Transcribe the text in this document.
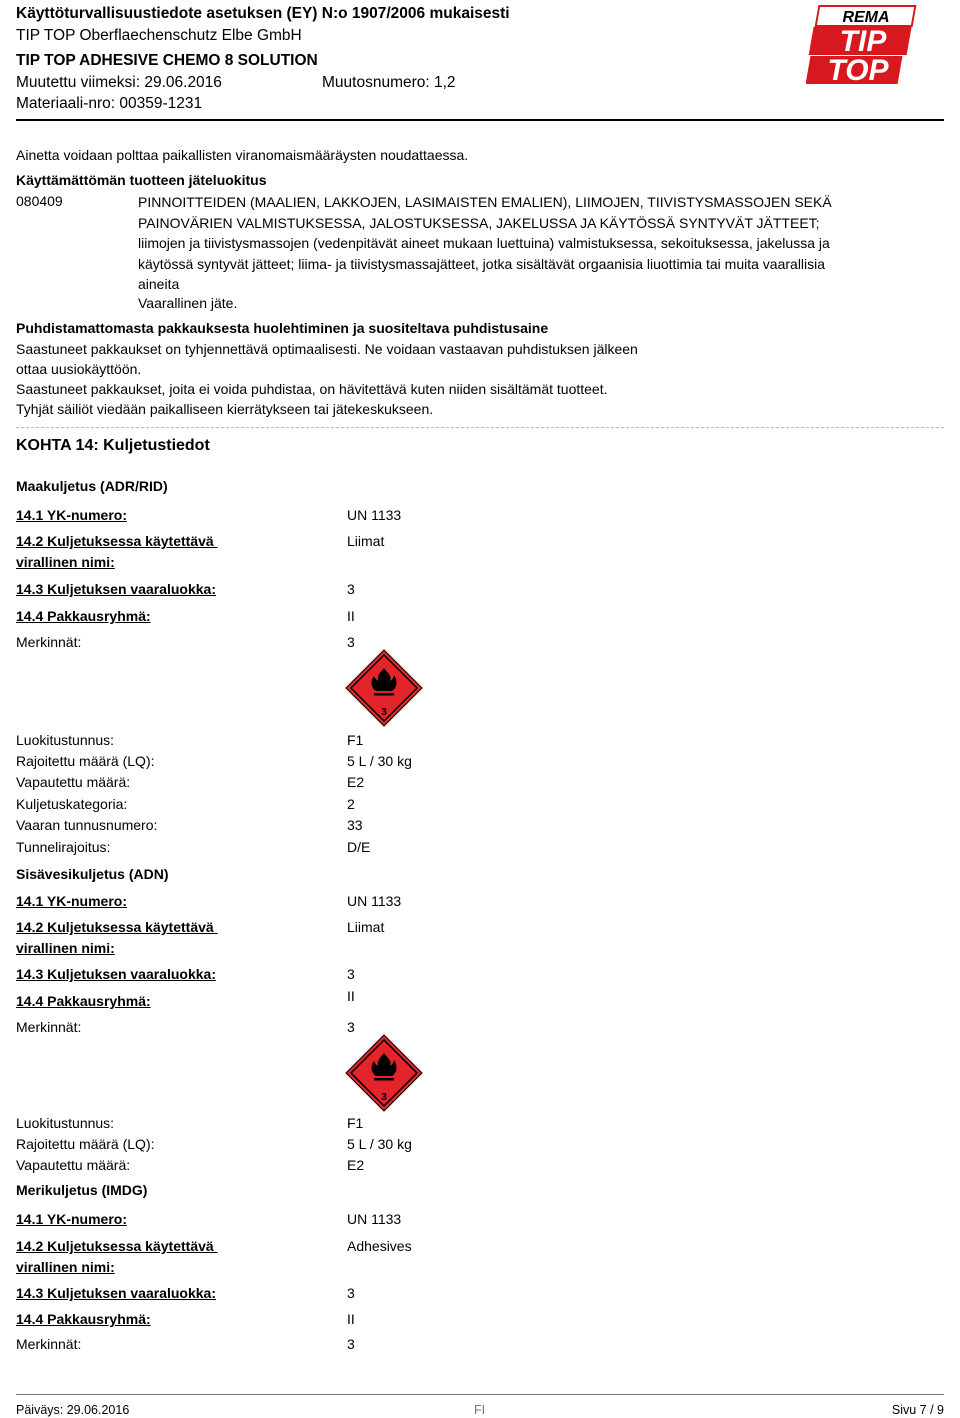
Käyttöturvallisuustiedote asetuksen (EY) N:o 1907/2006 mukaisesti
TIP TOP Oberflaechenschutz Elbe GmbH
TIP TOP ADHESIVE CHEMO 8 SOLUTION
Muutettu viimeksi: 29.06.2016	Muutosnumero: 1,2
Materiaali-nro: 00359-1231
REMA
TIP
TOP
Ainetta voidaan polttaa paikallisten viranomaismääräysten noudattaessa.
Käyttämättömän tuotteen jäteluokitus
080409	PINNOITTEIDEN (MAALIEN, LAKKOJEN, LASIMAISTEN EMALIEN), LIIMOJEN, TIIVISTYSMASSOJEN SEKÄ PAINOVÄRIEN VALMISTUKSESSA, JALOSTUKSESSA, JAKELUSSA JA KÄYTÖSSÄ SYNTYVÄT JÄTTEET; liimojen ja tiivistysmassojen (vedenpitävät aineet mukaan luettuina) valmistuksessa, sekoituksessa, jakelussa ja käytössä syntyvät jätteet; liima- ja tiivistysmassajätteet, jotka sisältävät orgaanisia liuottimia tai muita vaarallisia aineita
Vaarallinen jäte.
Puhdistamattomasta pakkauksesta huolehtiminen ja suositeltava puhdistusaine
Saastuneet pakkaukset on tyhjennettävä optimaalisesti. Ne voidaan vastaavan puhdistuksen jälkeen
ottaa uusiokäyttöön.
Saastuneet pakkaukset, joita ei voida puhdistaa, on hävitettävä kuten niiden sisältämät tuotteet.
Tyhjät säiliöt viedään paikalliseen kierrätykseen tai jätekeskukseen.
KOHTA 14: Kuljetustiedot
Maakuljetus (ADR/RID)
14.1 YK-numero:	UN 1133
14.2 Kuljetuksessa käytettävä
virallinen nimi:
Liimat
14.3 Kuljetuksen vaaraluokka:	3
14.4 Pakkausryhmä:	II
Merkinnät:	3
3
Luokitustunnus:	F1
Rajoitettu määrä (LQ):	5 L / 30 kg
Vapautettu määrä:	E2
Kuljetuskategoria:	2
Vaaran tunnusnumero:	33
Tunnelirajoitus:	D/E
Sisävesikuljetus (ADN)
14.1 YK-numero:	UN 1133
14.2 Kuljetuksessa käytettävä
virallinen nimi:
Liimat
14.3 Kuljetuksen vaaraluokka:	3
14.4 Pakkausryhmä:	II
Merkinnät:	3
3
Luokitustunnus:	F1
Rajoitettu määrä (LQ):	5 L / 30 kg
Vapautettu määrä:	E2
Merikuljetus (IMDG)
14.1 YK-numero:	UN 1133
14.2 Kuljetuksessa käytettävä
virallinen nimi:
Adhesives
14.3 Kuljetuksen vaaraluokka:	3
14.4 Pakkausryhmä:	II
Merkinnät:	3
Päiväys: 29.06.2016	FI	Sivu 7 / 9
